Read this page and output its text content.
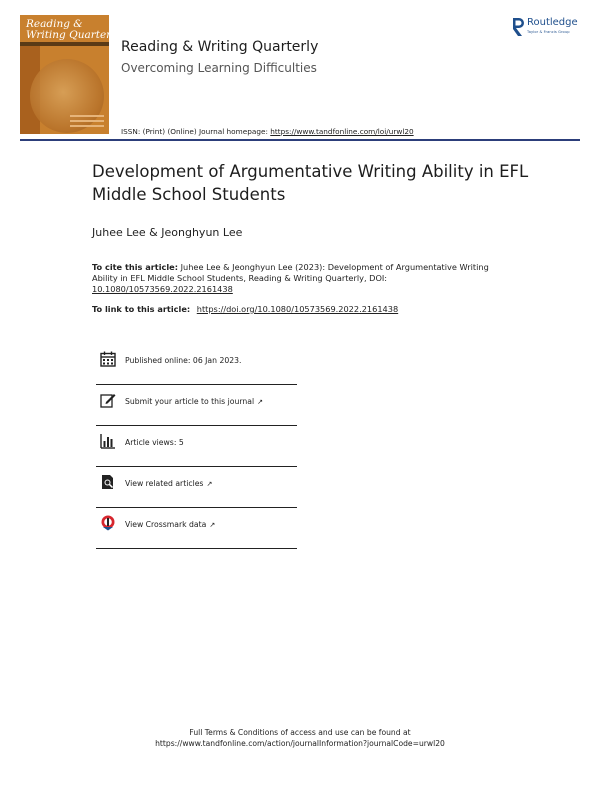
Reading &
Writing Quarterly
Reading & Writing Quarterly
Overcoming Learning Difficulties
ISSN: (Print) (Online) Journal homepage: https://www.tandfonline.com/loi/urwl20
Routledge
Taylor & Francis Group
Development of Argumentative Writing Ability in EFL Middle School Students
Juhee Lee & Jeonghyun Lee
To cite this article: Juhee Lee & Jeonghyun Lee (2023): Development of Argumentative Writing Ability in EFL Middle School Students, Reading & Writing Quarterly, DOI: 10.1080/10573569.2022.2161438
To link to this article: https://doi.org/10.1080/10573569.2022.2161438
Published online: 06 Jan 2023.
Submit your article to this journal ↗
Article views: 5
View related articles ↗
View Crossmark data ↗
Full Terms & Conditions of access and use can be found at
https://www.tandfonline.com/action/journalInformation?journalCode=urwl20
